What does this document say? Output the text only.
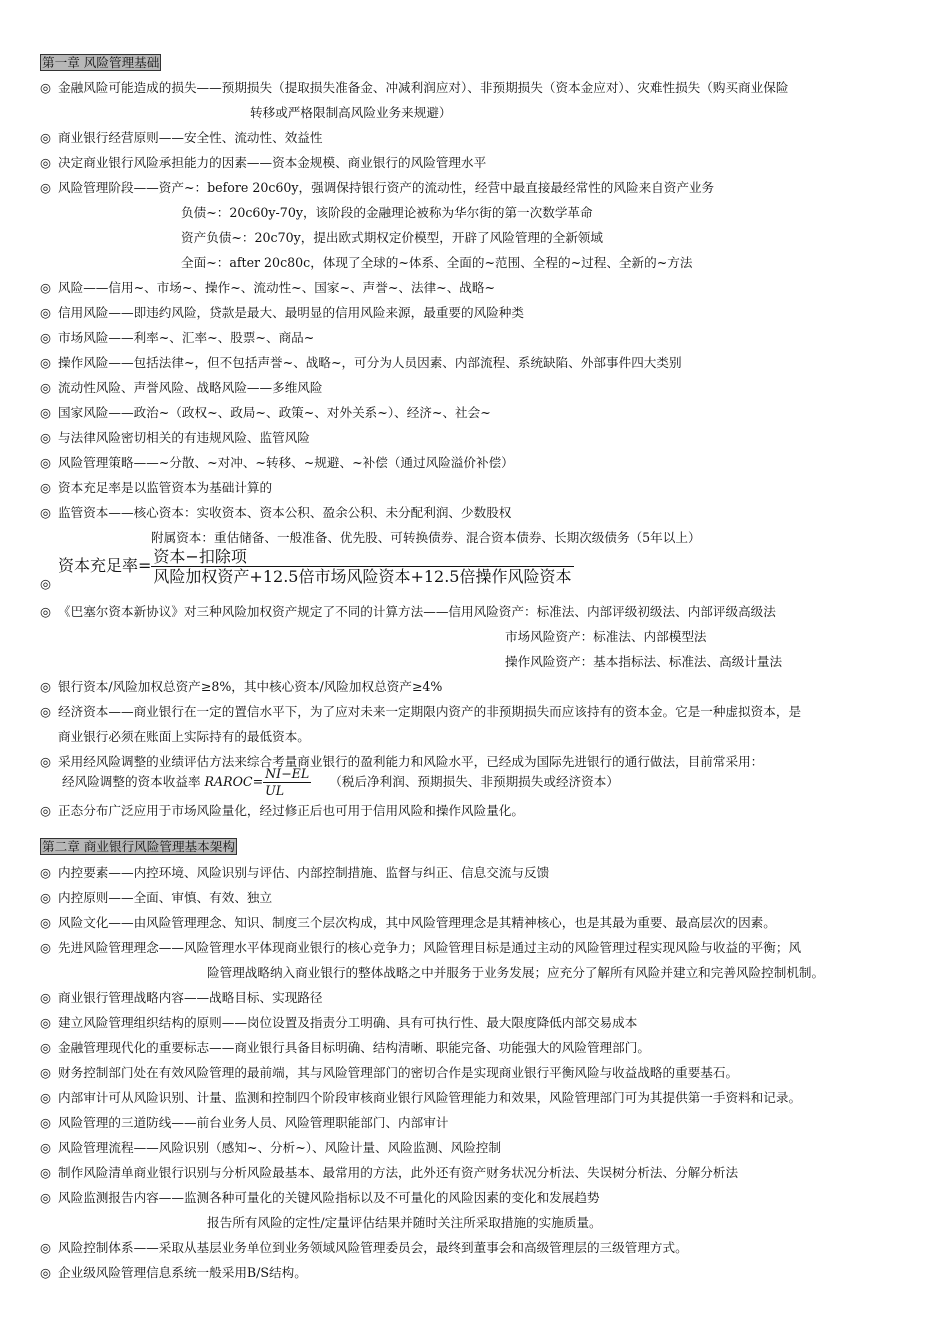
第一章 风险管理基础
◎ 金融风险可能造成的损失——预期损失（提取损失准备金、冲减利润应对）、非预期损失（资本金应对）、灾难性损失（购买商业保险
转移或严格限制高风险业务来规避）
◎ 商业银行经营原则——安全性、流动性、效益性
◎ 决定商业银行风险承担能力的因素——资本金规模、商业银行的风险管理水平
◎ 风险管理阶段——资产~：before 20c60y，强调保持银行资产的流动性，经营中最直接最经常性的风险来自资产业务
负债~：20c60y-70y，该阶段的金融理论被称为华尔街的第一次数学革命
资产负债~：20c70y，提出欧式期权定价模型，开辟了风险管理的全新领域
全面~：after 20c80c，体现了全球的~体系、全面的~范围、全程的~过程、全新的~方法
◎ 风险——信用~、市场~、操作~、流动性~、国家~、声誉~、法律~、战略~
◎ 信用风险——即违约风险，贷款是最大、最明显的信用风险来源，最重要的风险种类
◎ 市场风险——利率~、汇率~、股票~、商品~
◎ 操作风险——包括法律~，但不包括声誉~、战略~，可分为人员因素、内部流程、系统缺陷、外部事件四大类别
◎ 流动性风险、声誉风险、战略风险——多维风险
◎ 国家风险——政治~（政权~、政局~、政策~、对外关系~）、经济~、社会~
◎ 与法律风险密切相关的有违规风险、监管风险
◎ 风险管理策略——~分散、~对冲、~转移、~规避、~补偿（通过风险溢价补偿）
◎ 资本充足率是以监管资本为基础计算的
◎ 监管资本——核心资本：实收资本、资本公积、盈余公积、未分配利润、少数股权
附属资本：重估储备、一般准备、优先股、可转换债券、混合资本债券、长期次级债务（5年以上）
◎
资本充足率= $\frac{\text{资本−扣除项}}{\text{风险加权资产+12.5倍市场风险资本+12.5倍操作风险资本}}$
◎ 《巴塞尔资本新协议》对三种风险加权资产规定了不同的计算方法——信用风险资产：标准法、内部评级初级法、内部评级高级法
市场风险资产：标准法、内部模型法
操作风险资产：基本指标法、标准法、高级计量法
◎ 银行资本/风险加权总资产≥8%，其中核心资本/风险加权总资产≥4%
◎ 经济资本——商业银行在一定的置信水平下，为了应对未来一定期限内资产的非预期损失而应该持有的资本金。它是一种虚拟资本，是
商业银行必须在账面上实际持有的最低资本。
◎ 采用经风险调整的业绩评估方法来综合考量商业银行的盈利能力和风险水平，已经成为国际先进银行的通行做法，目前常采用：
经风险调整的资本收益率 RAROC= $\frac{NI-EL}{UL}$ （税后净利润、预期损失、非预期损失或经济资本）
◎ 正态分布广泛应用于市场风险量化，经过修正后也可用于信用风险和操作风险量化。
第二章 商业银行风险管理基本架构
◎ 内控要素——内控环境、风险识别与评估、内部控制措施、监督与纠正、信息交流与反馈
◎ 内控原则——全面、审慎、有效、独立
◎ 风险文化——由风险管理理念、知识、制度三个层次构成，其中风险管理理念是其精神核心，也是其最为重要、最高层次的因素。
◎ 先进风险管理理念——风险管理水平体现商业银行的核心竞争力；风险管理目标是通过主动的风险管理过程实现风险与收益的平衡；风
险管理战略纳入商业银行的整体战略之中并服务于业务发展；应充分了解所有风险并建立和完善风险控制机制。
◎ 商业银行管理战略内容——战略目标、实现路径
◎ 建立风险管理组织结构的原则——岗位设置及指责分工明确、具有可执行性、最大限度降低内部交易成本
◎ 金融管理现代化的重要标志——商业银行具备目标明确、结构清晰、职能完备、功能强大的风险管理部门。
◎ 财务控制部门处在有效风险管理的最前端，其与风险管理部门的密切合作是实现商业银行平衡风险与收益战略的重要基石。
◎ 内部审计可从风险识别、计量、监测和控制四个阶段审核商业银行风险管理能力和效果，风险管理部门可为其提供第一手资料和记录。
◎ 风险管理的三道防线——前台业务人员、风险管理职能部门、内部审计
◎ 风险管理流程——风险识别（感知~、分析~）、风险计量、风险监测、风险控制
◎ 制作风险清单商业银行识别与分析风险最基本、最常用的方法，此外还有资产财务状况分析法、失误树分析法、分解分析法
◎ 风险监测报告内容——监测各种可量化的关键风险指标以及不可量化的风险因素的变化和发展趋势
报告所有风险的定性/定量评估结果并随时关注所采取措施的实施质量。
◎ 风险控制体系——采取从基层业务单位到业务领域风险管理委员会，最终到董事会和高级管理层的三级管理方式。
◎ 企业级风险管理信息系统一般采用B/S结构。
